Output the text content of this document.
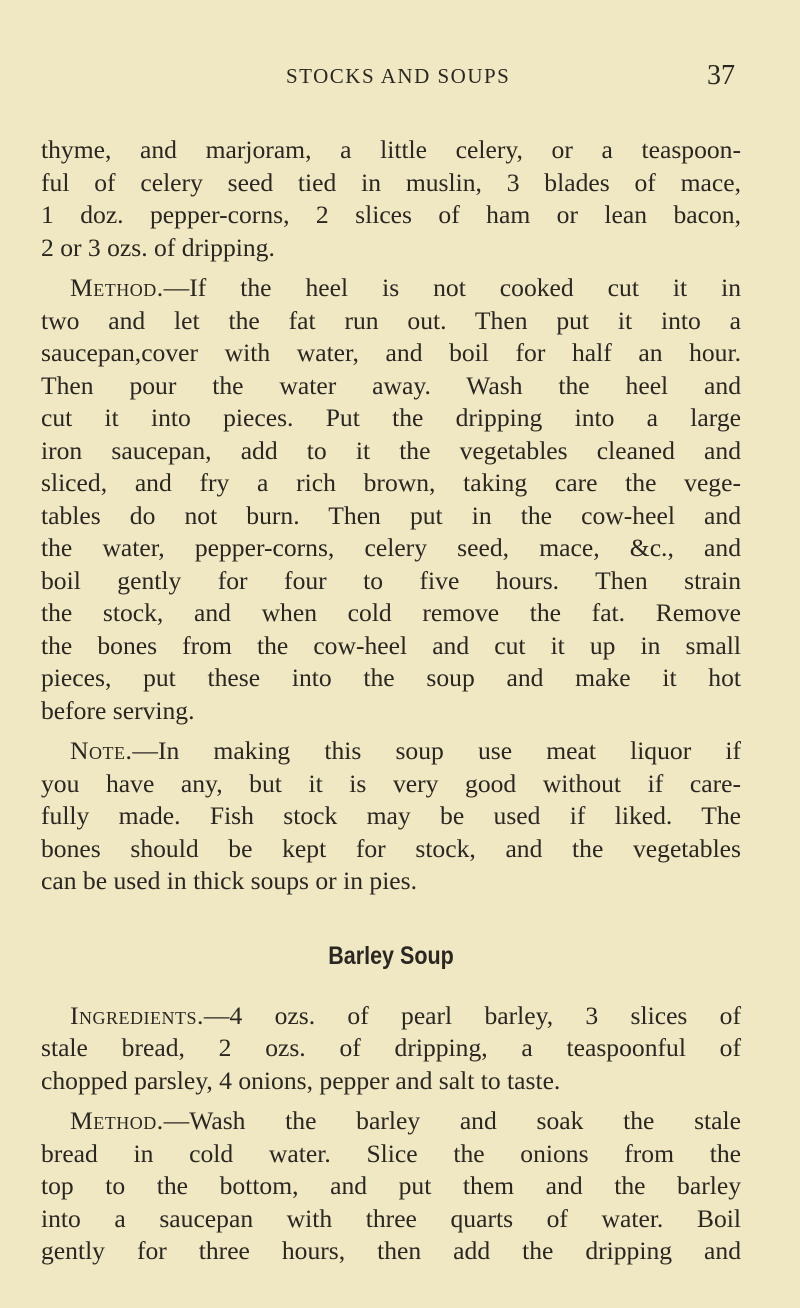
STOCKS AND SOUPS	37
thyme, and marjoram, a little celery, or a teaspoon-
ful of celery seed tied in muslin, 3 blades of mace,
1 doz. pepper-corns, 2 slices of ham or lean bacon,
2 or 3 ozs. of dripping.
Method.—If the heel is not cooked cut it in
two and let the fat run out. Then put it into a
saucepan,cover with water, and boil for half an hour.
Then pour the water away. Wash the heel and
cut it into pieces. Put the dripping into a large
iron saucepan, add to it the vegetables cleaned and
sliced, and fry a rich brown, taking care the vege-
tables do not burn. Then put in the cow-heel and
the water, pepper-corns, celery seed, mace, &c., and
boil gently for four to five hours. Then strain
the stock, and when cold remove the fat. Remove
the bones from the cow-heel and cut it up in small
pieces, put these into the soup and make it hot
before serving.
Note.—In making this soup use meat liquor if
you have any, but it is very good without if care-
fully made. Fish stock may be used if liked. The
bones should be kept for stock, and the vegetables
can be used in thick soups or in pies.
Barley Soup
Ingredients.—4 ozs. of pearl barley, 3 slices of
stale bread, 2 ozs. of dripping, a teaspoonful of
chopped parsley, 4 onions, pepper and salt to taste.
Method.—Wash the barley and soak the stale
bread in cold water. Slice the onions from the
top to the bottom, and put them and the barley
into a saucepan with three quarts of water. Boil
gently for three hours, then add the dripping and
